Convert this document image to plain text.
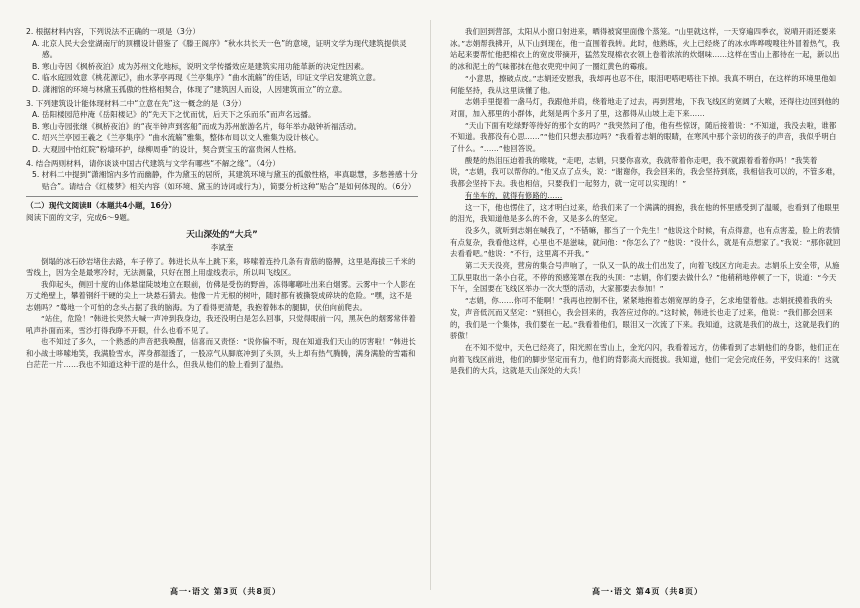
2. 根据材料内容，下列说法不正确的一项是（3分）

A. 北京人民大会堂湖南厅的顶棚设计借鉴了《滕王阁序》“秋水共长天一色”的意境，证明文学为现代建筑提供灵感。

B. 寒山寺因《枫桥夜泊》成为苏州文化地标，说明文学传播效应是建筑实用功能革新的决定性因素。

C. 临水庭园效意《桃花源记》，曲水茅亭再现《兰亭集序》“曲水流觞”的佳话，印证文学启发建筑立意。

D. 潇湘馆的环境与林黛玉孤傲的性格相契合，体现了“建筑因人而设，人因建筑而立”的立意。

3. 下列建筑设计能体现材料二中“立意在先”这一概念的是（3分）

A. 岳阳楼园范仲淹《岳阳楼记》的“先天下之忧而忧，后天下之乐而乐”而声名远播。

B. 寒山寺园张继《枫桥夜泊》的“夜半钟声到客船”而成为苏州旅游名片，每年举办敲钟祈福活动。

C. 绍兴兰亭园王羲之《兰亭集序》“曲水流觞”雅集，整体布局以文人雅集为设计核心。

D. 大观园中怡红院“粉墙环护，绿柳周垂”的设计，契合贾宝玉的富贵闲人性格。

4. 结合两则材料，请你谈谈中国古代建筑与文学有哪些“不解之缘”。（4分）

5. 材料二中提到“潇湘馆内多竹而幽静，作为黛玉的居所，其建筑环境与黛玉的孤傲性格，率真聪慧，多愁善感十分贴合”。请结合《红楼梦》相关内容（如环境、黛玉的诗词或行为），简要分析这种“贴合”是如何体现的。（6分）

（二）现代文阅读Ⅱ（本题共4小题，16分）

阅读下面的文字，完成6～9题。

天山深处的“大兵”

李斌奎

倒塌的冰石砂岩堵住去路，车子停了。韩进长从车上跳下来，哆嗦着连拎几条有青筋的胳膊，这里是海拔三千米的雪线上，因为全是最寒冷时，无法测量，只好在图上用虚线表示，所以叫飞线区。

我仰起头，侧回十度的山体悬崖陡坡地立在眼前，仿佛是受伤的野兽，冻得嘟嘟吐出来白烟雾。云雾中一个人影在万丈绝壁上，攀着钢纤干硬的尖上一块悬石猜去。他像一片无根的树叶，随时都有被撕裂成碎块的危险。“嘿，这不是志娟吗？”蓦地一个可怕的念头占据了我的脑海。为了看得更清楚，我抱着韩本的腿脚，伏伯向前爬去。

“站住，危险！”韩进长突然大喊一声冲到我身边，我还没明白是怎么回事，只觉得眼前一闪，黑灰色的烟雾常伴着吼声扑面而来，雪沙打得我睁不开眼，什么也看不见了。

也不知过了多久，一个熟悉的声音把我唤醒，信喜而又责怪：“说你偏不听，现在知道我们天山的厉害啦！”韩进长和小战士哆嗦地笑，我满脸雪水，浑身都湿透了，一股凉气从脚底冲到了头顶，头上却有热气腾腾，满身满脸的雪霜和白茫茫一片……我也不知道这种干涩的是什么，但我从他们的脸上看到了温热。

我们回到营部，太阳从小窗口射进来，晒得被窝里面像个蒸笼。“山里就这样，一天穿遍四季衣，说晴开雨还要来冰。”志娟帮我拂开，从下山到现在，他一直围着我转。此时，他熟练，火上已经烧了的冰水哗哗嗖嗖往外冒着热气，我站起来要帮忙他把棉衣上的宽皮带摘开，猛然发现棉衣衣领上卷着浓浓的炊烟味……这样在雪山上都待在一起，新以出的冰和泥土的气味都抹在他衣兜兜中间了一圈红黄色的霉痕。

“小意思，擦破点皮。”志娟还安慰我，我却再也忍不住，眼泪吧嗒吧嗒往下掉。我真不明白，在这样的环境里他如何能坚持，我从这里读懂了他。

志娟手里提着一盏马灯，我跟他并肩，绕着地走了过去，再到营地，下我飞线区的宽阔了大喉，还得往边回到他的对面，加入那里的小群体，此刻是两个多月了里，这都得从山坡上走下来……

“天山下面有吃绿野等待好的那个女的吗？”我突然问了他，他有些惊讶，随后接着说：“不知道，我没去啦，谁都不知道。我都没有心思……”“他们只想去那边吗？”我看着志娟的眼睛，在寒风中那个亲切的孩子的声音，我似乎明白了什么。“……”他回答说。

酸楚的热泪压迫着我的喉咙，“走吧，志娟，只要你喜欢，我就带着你走吧，我不就跟着看着你吗！”我笑着说，“志娟，我可以帮你的。”他又点了点头，说：“谢谢你，我会回来的，我会坚持到底，我相信我可以的，不管多难，我都会坚持下去。我也相信，只要我们一起努力，就一定可以实现的！”

有坐车的，就得有修路的……

这一下，他也愣住了，这才明白过来，给我们来了一个满满的拥抱，我在他的怀里感受到了温暖，也看到了他眼里的泪光，我知道他是多么的不舍，又是多么的坚定。

没多久，就听到志娟在喊我了，“不错嘛，都当了一个先生！”他说这个时候，有点得意，也有点害羞，脸上的表情有点复杂，我看他这样，心里也不是滋味，就问他：“你怎么了？”他说：“没什么，就是有点想家了。”我说：“那你就回去看看吧。”他说：“不行，这里离不开我。”

第二天天没亮，营房的集合号声响了，一队又一队的战士们出发了，向着飞线区方向走去。志娟乐上安全带，从施工队里取出一条小白花，不停的预感笼罩在我的头顶：“志娟，你们要去做什么？”他稍稍地停顿了一下，说道：“今天下午，全国要在飞线区举办一次大型的活动，大家都要去参加！”

“志娟，你……你可不能啊！”我再也控制不住，紧紧地抱着志娟宽厚的身子，乞求地望着他。志娟抚摸着我的头发，声音低沉而又坚定：“别担心，我会回来的，我答应过你的。”这时候，韩进长也走了过来，他说：“我们都会回来的，我们是一个集体，我们要在一起。”我看着他们，眼泪又一次流了下来。我知道，这就是我们的战士，这就是我们的骄傲！

在不知不觉中，天色已经亮了，阳光照在雪山上，金光闪闪，我看着远方，仿佛看到了志娟他们的身影，他们正在向着飞线区前进，他们的脚步坚定而有力，他们的背影高大而挺拔。我知道，他们一定会完成任务，平安归来的！这就是我们的大兵，这就是天山深处的大兵！

高一·语文 第3页（共8页）	高一·语文 第4页（共8页）
